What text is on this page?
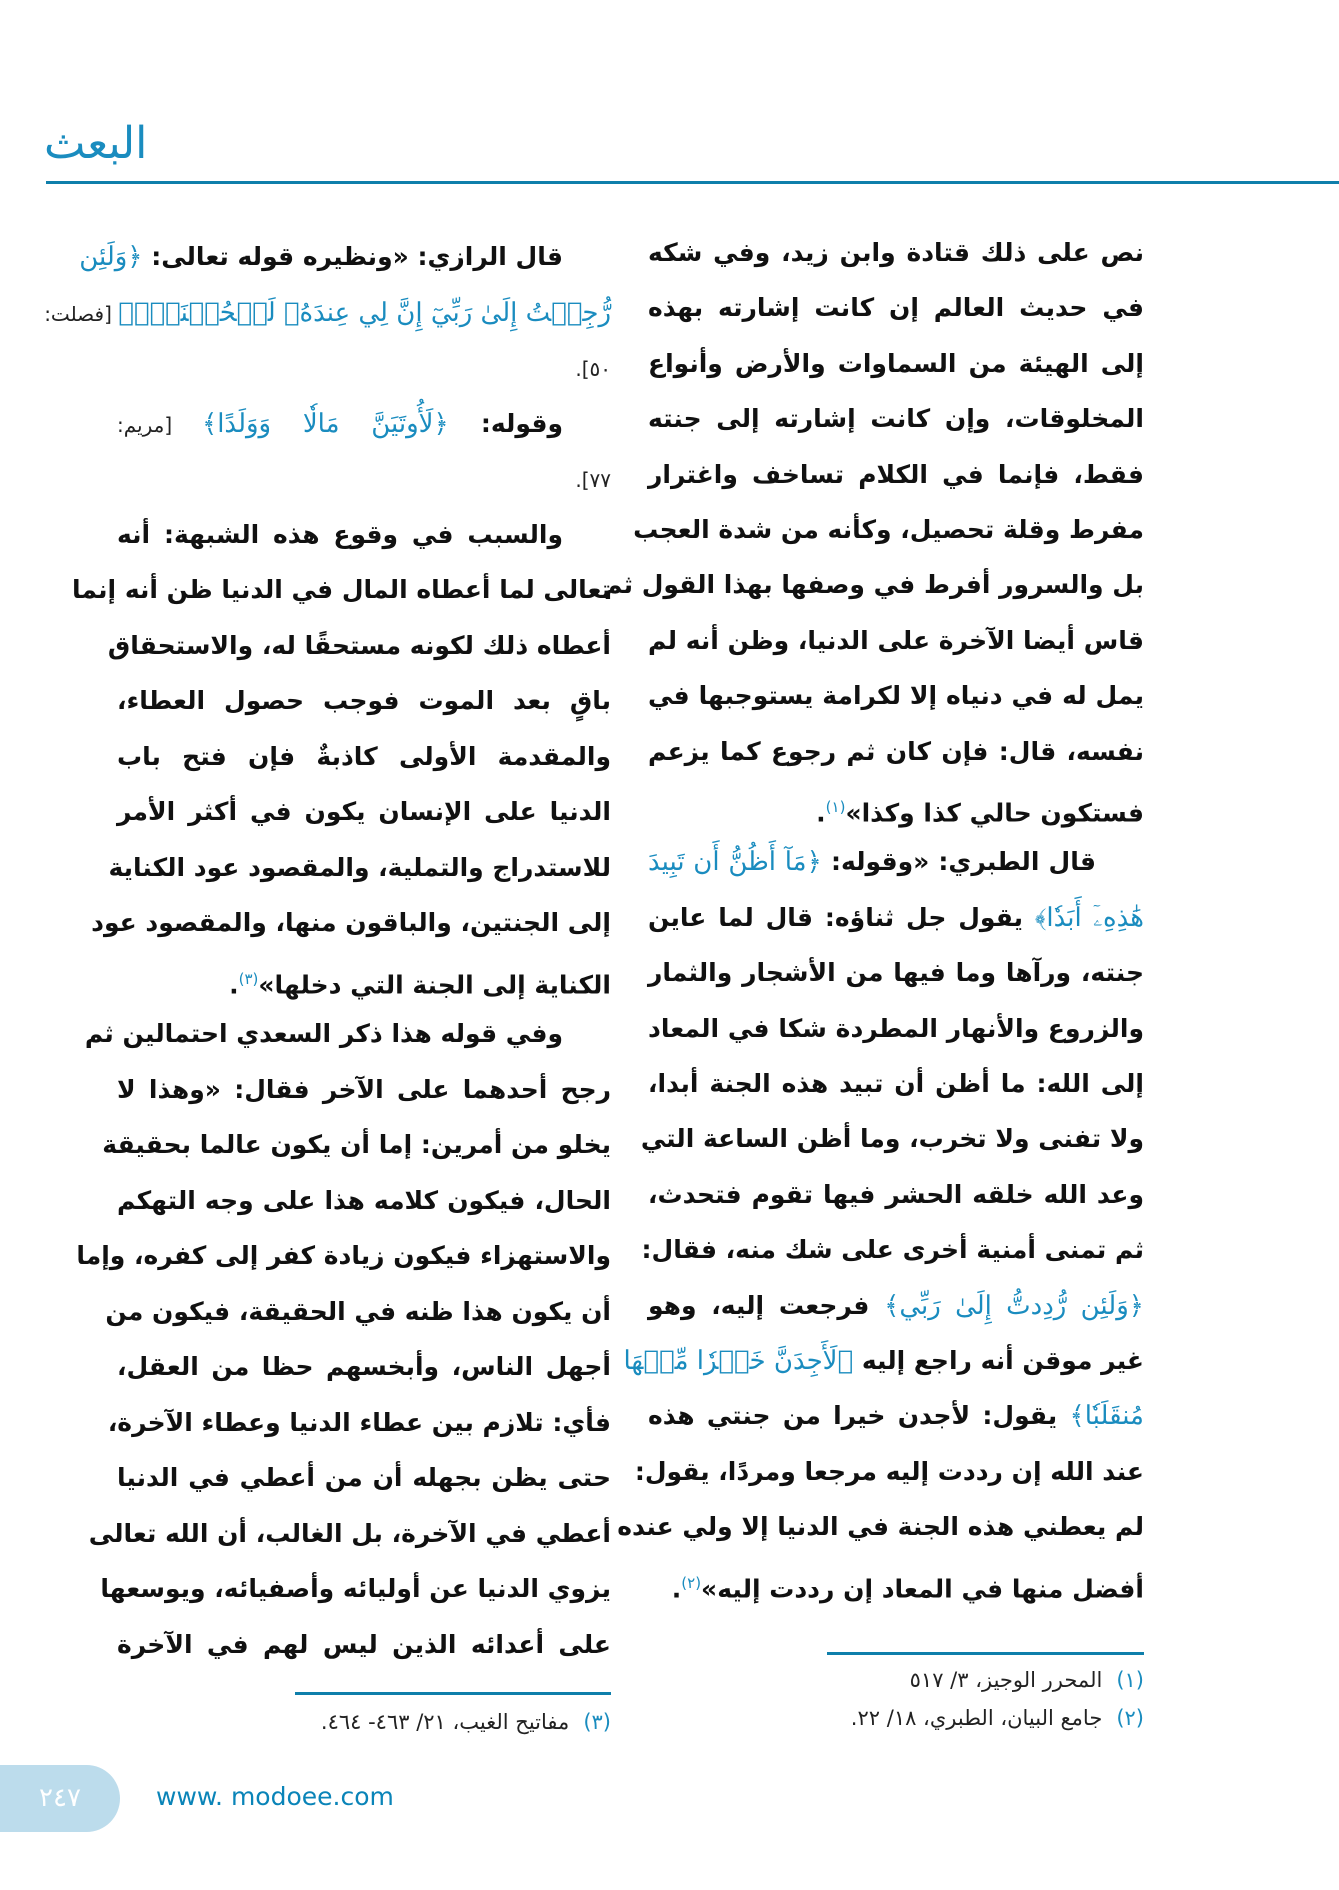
البعث
نص على ذلك قتادة وابن زيد، وفي شكه
في حديث العالم إن كانت إشارته بهذه
إلى الهيئة من السماوات والأرض وأنواع
المخلوقات، وإن كانت إشارته إلى جنته
فقط، فإنما في الكلام تساخف واغترار
مفرط وقلة تحصيل، وكأنه من شدة العجب
بل والسرور أفرط في وصفها بهذا القول ثم
قاس أيضا الآخرة على الدنيا، وظن أنه لم
يمل له في دنياه إلا لكرامة يستوجبها في
نفسه، قال: فإن كان ثم رجوع كما يزعم
فستكون حالي كذا وكذا»$^{(١)}$.
قال الطبري: «وقوله: ﴿مَآ أَظُنُّ أَن تَبِيدَ
هَٰذِهِۦٓ أَبَدٗا﴾ يقول جل ثناؤه: قال لما عاين
جنته، ورآها وما فيها من الأشجار والثمار
والزروع والأنهار المطردة شكا في المعاد
إلى الله: ما أظن أن تبيد هذه الجنة أبدا،
ولا تفنى ولا تخرب، وما أظن الساعة التي
وعد الله خلقه الحشر فيها تقوم فتحدث،
ثم تمنى أمنية أخرى على شك منه، فقال:
﴿وَلَئِن رُّدِدتُّ إِلَىٰ رَبِّي﴾ فرجعت إليه، وهو
غير موقن أنه راجع إليه ﴿لَأَجِدَنَّ خَيۡرٗا مِّنۡهَا
مُنقَلَبٗا﴾ يقول: لأجدن خيرا من جنتي هذه
عند الله إن رددت إليه مرجعا ومردًا، يقول:
لم يعطني هذه الجنة في الدنيا إلا ولي عنده
أفضل منها في المعاد إن رددت إليه»$^{(٢)}$.
قال الرازي: «ونظيره قوله تعالى: ﴿وَلَئِن
رُّجِعۡتُ إِلَىٰ رَبِّيٓ إِنَّ لِي عِندَهُۥ لَلۡحُسۡنَىٰۚ﴾ [فصلت:
٥٠].
وقوله: ﴿لَأُوتَيَنَّ مَالٗا وَوَلَدًا﴾ [مريم:
٧٧].
والسبب في وقوع هذه الشبهة: أنه
تعالى لما أعطاه المال في الدنيا ظن أنه إنما
أعطاه ذلك لكونه مستحقًا له، والاستحقاق
باقٍ بعد الموت فوجب حصول العطاء،
والمقدمة الأولى كاذبةٌ فإن فتح باب
الدنيا على الإنسان يكون في أكثر الأمر
للاستدراج والتملية، والمقصود عود الكناية
إلى الجنتين، والباقون منها، والمقصود عود
الكناية إلى الجنة التي دخلها»$^{(٣)}$.
وفي قوله هذا ذكر السعدي احتمالين ثم
رجح أحدهما على الآخر فقال: «وهذا لا
يخلو من أمرين: إما أن يكون عالما بحقيقة
الحال، فيكون كلامه هذا على وجه التهكم
والاستهزاء فيكون زيادة كفر إلى كفره، وإما
أن يكون هذا ظنه في الحقيقة، فيكون من
أجهل الناس، وأبخسهم حظا من العقل،
فأي: تلازم بين عطاء الدنيا وعطاء الآخرة،
حتى يظن بجهله أن من أعطي في الدنيا
أعطي في الآخرة، بل الغالب، أن الله تعالى
يزوي الدنيا عن أوليائه وأصفيائه، ويوسعها
على أعدائه الذين ليس لهم في الآخرة
(١)المحرر الوجيز، ٣/ ٥١٧
(٢)جامع البيان، الطبري، ١٨/ ٢٢.
(٣)مفاتيح الغيب، ٢١/ ٤٦٣- ٤٦٤.
٢٤٧	www. modoee.com
